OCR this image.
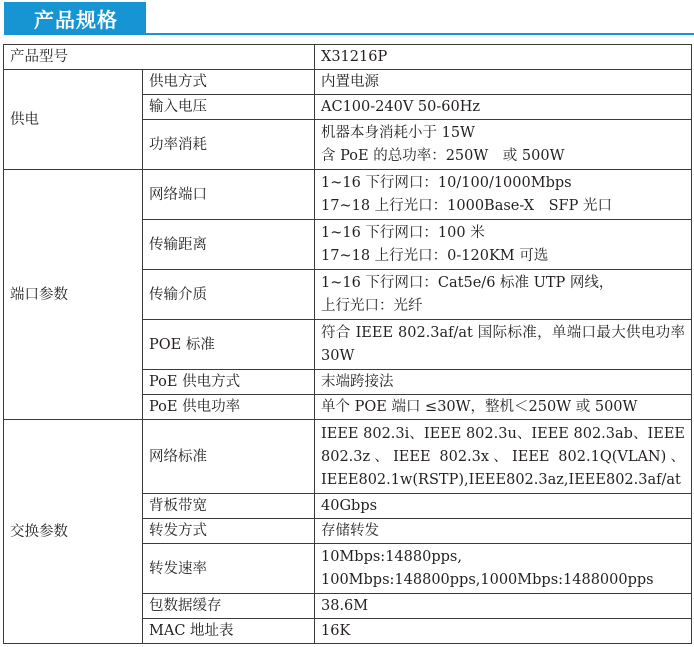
产品规格
产品型号		X31216P
供电	供电方式	内置电源
	输入电压	AC100-240V 50-60Hz
	功率消耗	机器本身消耗小于 15W
含 PoE 的总功率：250W　或 500W

端口参数	网络端口	1~16 下行网口：10/100/1000Mbps
17~18 上行光口：1000Base-X　SFP 光口

	传输距离	1~16 下行网口：100 米
17~18 上行光口：0-120KM 可选

	传输介质	1~16 下行网口：Cat5e/6 标准 UTP 网线，
上行光口：光纤

	POE 标准	符合 IEEE 802.3af/at 国际标准，单端口最大供电功率 30W
	PoE 供电方式	末端跨接法
	PoE 供电功率	单个 POE 端口 ≤30W，整机＜250W 或 500W
交换参数	网络标准	IEEE 802.3i、IEEE 802.3u、IEEE 802.3ab、IEEE 802.3z、IEEE 802.3x、IEEE 802.1Q(VLAN)、IEEE802.1w(RSTP),IEEE802.3az,IEEE802.3af/at
	背板带宽	40Gbps
	转发方式	存储转发
	转发速率	10Mbps:14880pps,
100Mbps:148800pps,1000Mbps:1488000pps

	包数据缓存	38.6M
	MAC 地址表	16K
